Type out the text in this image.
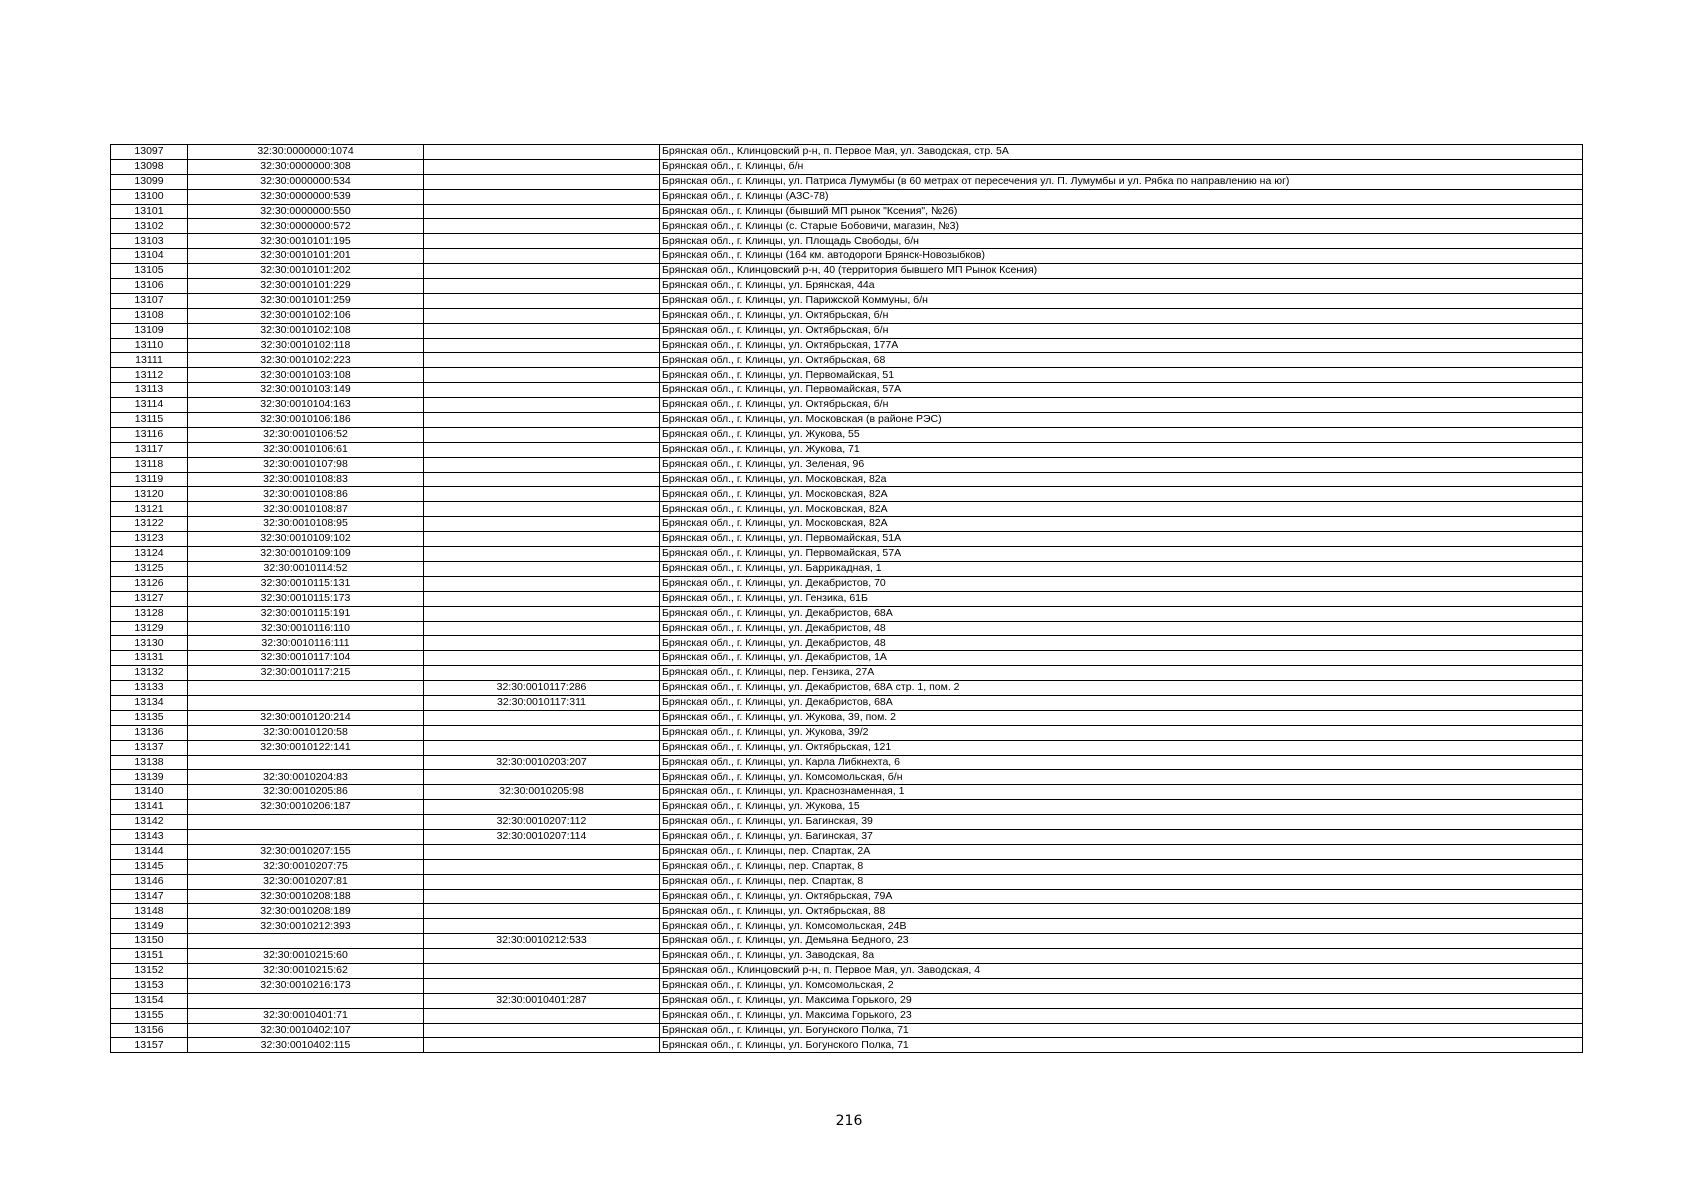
13097	32:30:0000000:1074		Брянская обл., Клинцовский р-н, п. Первое Мая, ул. Заводская, стр. 5А
13098	32:30:0000000:308		Брянская обл., г. Клинцы, б/н
13099	32:30:0000000:534		Брянская обл., г. Клинцы, ул. Патриса Лумумбы (в 60 метрах от пересечения ул. П. Лумумбы и ул. Рябка по направлению на юг)
13100	32:30:0000000:539		Брянская обл., г. Клинцы (АЗС-78)
13101	32:30:0000000:550		Брянская обл., г. Клинцы (бывший МП рынок "Ксения", №26)
13102	32:30:0000000:572		Брянская обл., г. Клинцы (с. Старые Бобовичи, магазин, №3)
13103	32:30:0010101:195		Брянская обл., г. Клинцы, ул. Площадь Свободы, б/н
13104	32:30:0010101:201		Брянская обл., г. Клинцы (164 км. автодороги Брянск-Новозыбков)
13105	32:30:0010101:202		Брянская обл., Клинцовский р-н, 40 (территория бывшего МП Рынок Ксения)
13106	32:30:0010101:229		Брянская обл., г. Клинцы, ул. Брянская, 44а
13107	32:30:0010101:259		Брянская обл., г. Клинцы, ул. Парижской Коммуны, б/н
13108	32:30:0010102:106		Брянская обл., г. Клинцы, ул. Октябрьская, б/н
13109	32:30:0010102:108		Брянская обл., г. Клинцы, ул. Октябрьская, б/н
13110	32:30:0010102:118		Брянская обл., г. Клинцы, ул. Октябрьская, 177А
13111	32:30:0010102:223		Брянская обл., г. Клинцы, ул. Октябрьская, 68
13112	32:30:0010103:108		Брянская обл., г. Клинцы, ул. Первомайская, 51
13113	32:30:0010103:149		Брянская обл., г. Клинцы, ул. Первомайская, 57А
13114	32:30:0010104:163		Брянская обл., г. Клинцы, ул. Октябрьская, б/н
13115	32:30:0010106:186		Брянская обл., г. Клинцы, ул. Московская (в районе РЭС)
13116	32:30:0010106:52		Брянская обл., г. Клинцы, ул. Жукова, 55
13117	32:30:0010106:61		Брянская обл., г. Клинцы, ул. Жукова, 71
13118	32:30:0010107:98		Брянская обл., г. Клинцы, ул. Зеленая, 96
13119	32:30:0010108:83		Брянская обл., г. Клинцы, ул. Московская, 82а
13120	32:30:0010108:86		Брянская обл., г. Клинцы, ул. Московская, 82А
13121	32:30:0010108:87		Брянская обл., г. Клинцы, ул. Московская, 82А
13122	32:30:0010108:95		Брянская обл., г. Клинцы, ул. Московская, 82А
13123	32:30:0010109:102		Брянская обл., г. Клинцы, ул. Первомайская, 51А
13124	32:30:0010109:109		Брянская обл., г. Клинцы, ул. Первомайская, 57А
13125	32:30:0010114:52		Брянская обл., г. Клинцы, ул. Баррикадная, 1
13126	32:30:0010115:131		Брянская обл., г. Клинцы, ул. Декабристов, 70
13127	32:30:0010115:173		Брянская обл., г. Клинцы, ул. Гензика, 61Б
13128	32:30:0010115:191		Брянская обл., г. Клинцы, ул. Декабристов, 68А
13129	32:30:0010116:110		Брянская обл., г. Клинцы, ул. Декабристов, 48
13130	32:30:0010116:111		Брянская обл., г. Клинцы, ул. Декабристов, 48
13131	32:30:0010117:104		Брянская обл., г. Клинцы, ул. Декабристов, 1А
13132	32:30:0010117:215		Брянская обл., г. Клинцы, пер. Гензика, 27А
13133		32:30:0010117:286	Брянская обл., г. Клинцы, ул. Декабристов, 68А стр. 1, пом. 2
13134		32:30:0010117:311	Брянская обл., г. Клинцы, ул. Декабристов, 68А
13135	32:30:0010120:214		Брянская обл., г. Клинцы, ул. Жукова, 39, пом. 2
13136	32:30:0010120:58		Брянская обл., г. Клинцы, ул. Жукова, 39/2
13137	32:30:0010122:141		Брянская обл., г. Клинцы, ул. Октябрьская, 121
13138		32:30:0010203:207	Брянская обл., г. Клинцы, ул. Карла Либкнехта, 6
13139	32:30:0010204:83		Брянская обл., г. Клинцы, ул. Комсомольская, б/н
13140	32:30:0010205:86	32:30:0010205:98	Брянская обл., г. Клинцы, ул. Краснознаменная, 1
13141	32:30:0010206:187		Брянская обл., г. Клинцы, ул. Жукова, 15
13142		32:30:0010207:112	Брянская обл., г. Клинцы, ул. Багинская, 39
13143		32:30:0010207:114	Брянская обл., г. Клинцы, ул. Багинская, 37
13144	32:30:0010207:155		Брянская обл., г. Клинцы, пер. Спартак, 2А
13145	32:30:0010207:75		Брянская обл., г. Клинцы, пер. Спартак, 8
13146	32:30:0010207:81		Брянская обл., г. Клинцы, пер. Спартак, 8
13147	32:30:0010208:188		Брянская обл., г. Клинцы, ул. Октябрьская, 79А
13148	32:30:0010208:189		Брянская обл., г. Клинцы, ул. Октябрьская, 88
13149	32:30:0010212:393		Брянская обл., г. Клинцы, ул. Комсомольская, 24В
13150		32:30:0010212:533	Брянская обл., г. Клинцы, ул. Демьяна Бедного, 23
13151	32:30:0010215:60		Брянская обл., г. Клинцы, ул. Заводская, 8а
13152	32:30:0010215:62		Брянская обл., Клинцовский р-н, п. Первое Мая, ул. Заводская, 4
13153	32:30:0010216:173		Брянская обл., г. Клинцы, ул. Комсомольская, 2
13154		32:30:0010401:287	Брянская обл., г. Клинцы, ул. Максима Горького, 29
13155	32:30:0010401:71		Брянская обл., г. Клинцы, ул. Максима Горького, 23
13156	32:30:0010402:107		Брянская обл., г. Клинцы, ул. Богунского Полка, 71
13157	32:30:0010402:115		Брянская обл., г. Клинцы, ул. Богунского Полка, 71
216
